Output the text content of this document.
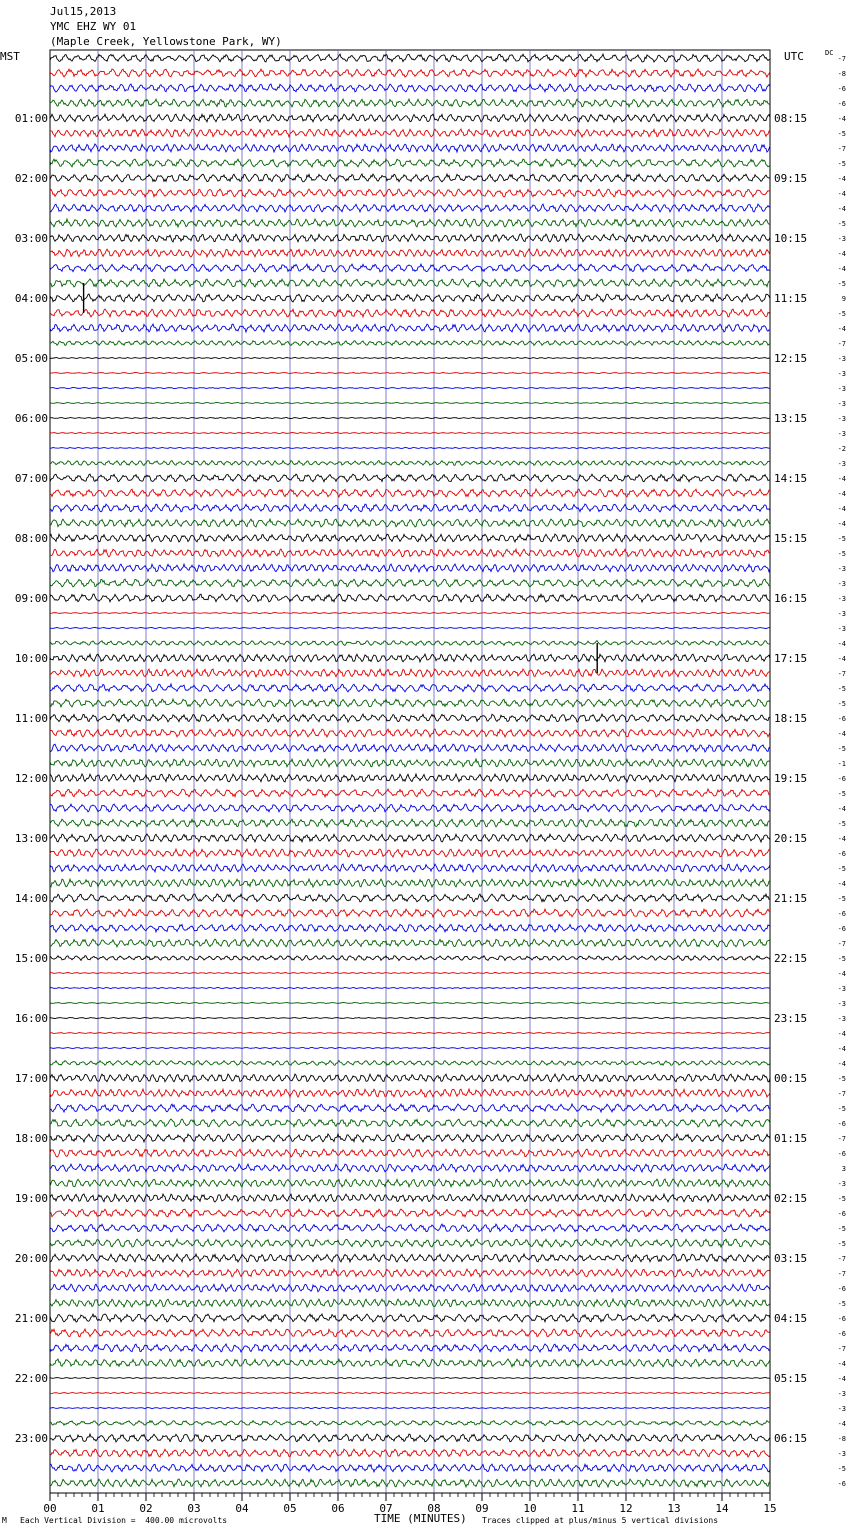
Jul15,2013
YMC EHZ WY 01
(Maple Creek, Yellowstone Park, WY)
MST	UTC	DC
-7
-8
-6
-6
-4
-5
-7
-5
-4
-4
-4
-5
-3
-4
-4
-5
9
-5
-4
-7
-3
-3
-3
-3
-3
-3
-2
-3
-4
-4
-4
-4
-5
-5
-3
-3
-3
-3
-3
-4
-4
-7
-5
-5
-6
-4
-5
-1
-6
-5
-4
-5
-4
-6
-5
-4
-5
-6
-6
-7
-5
-4
-3
-3
-3
-4
-4
-4
-5
-7
-5
-6
-7
-6
3
-3
-5
-6
-5
-5
-7
-7
-6
-5
-6
-6
-7
-4
-4
-3
-3
-4
-8
-3
-5
-6
01:00
02:00
03:00
04:00
05:00
06:00
07:00
08:00
09:00
10:00
11:00
12:00
13:00
14:00
15:00
16:00
17:00
18:00
19:00
20:00
21:00
22:00
23:00
08:15
09:15
10:15
11:15
12:15
13:15
14:15
15:15
16:15
17:15
18:15
19:15
20:15
21:15
22:15
23:15
00:15
01:15
02:15
03:15
04:15
05:15
06:15
00	01	02	03	04	05	06	07	08	09	10	11	12	13	14	15
M Each Vertical Division =  400.00 microvolts	TIME (MINUTES) Traces clipped at plus/minus 5 vertical divisions
